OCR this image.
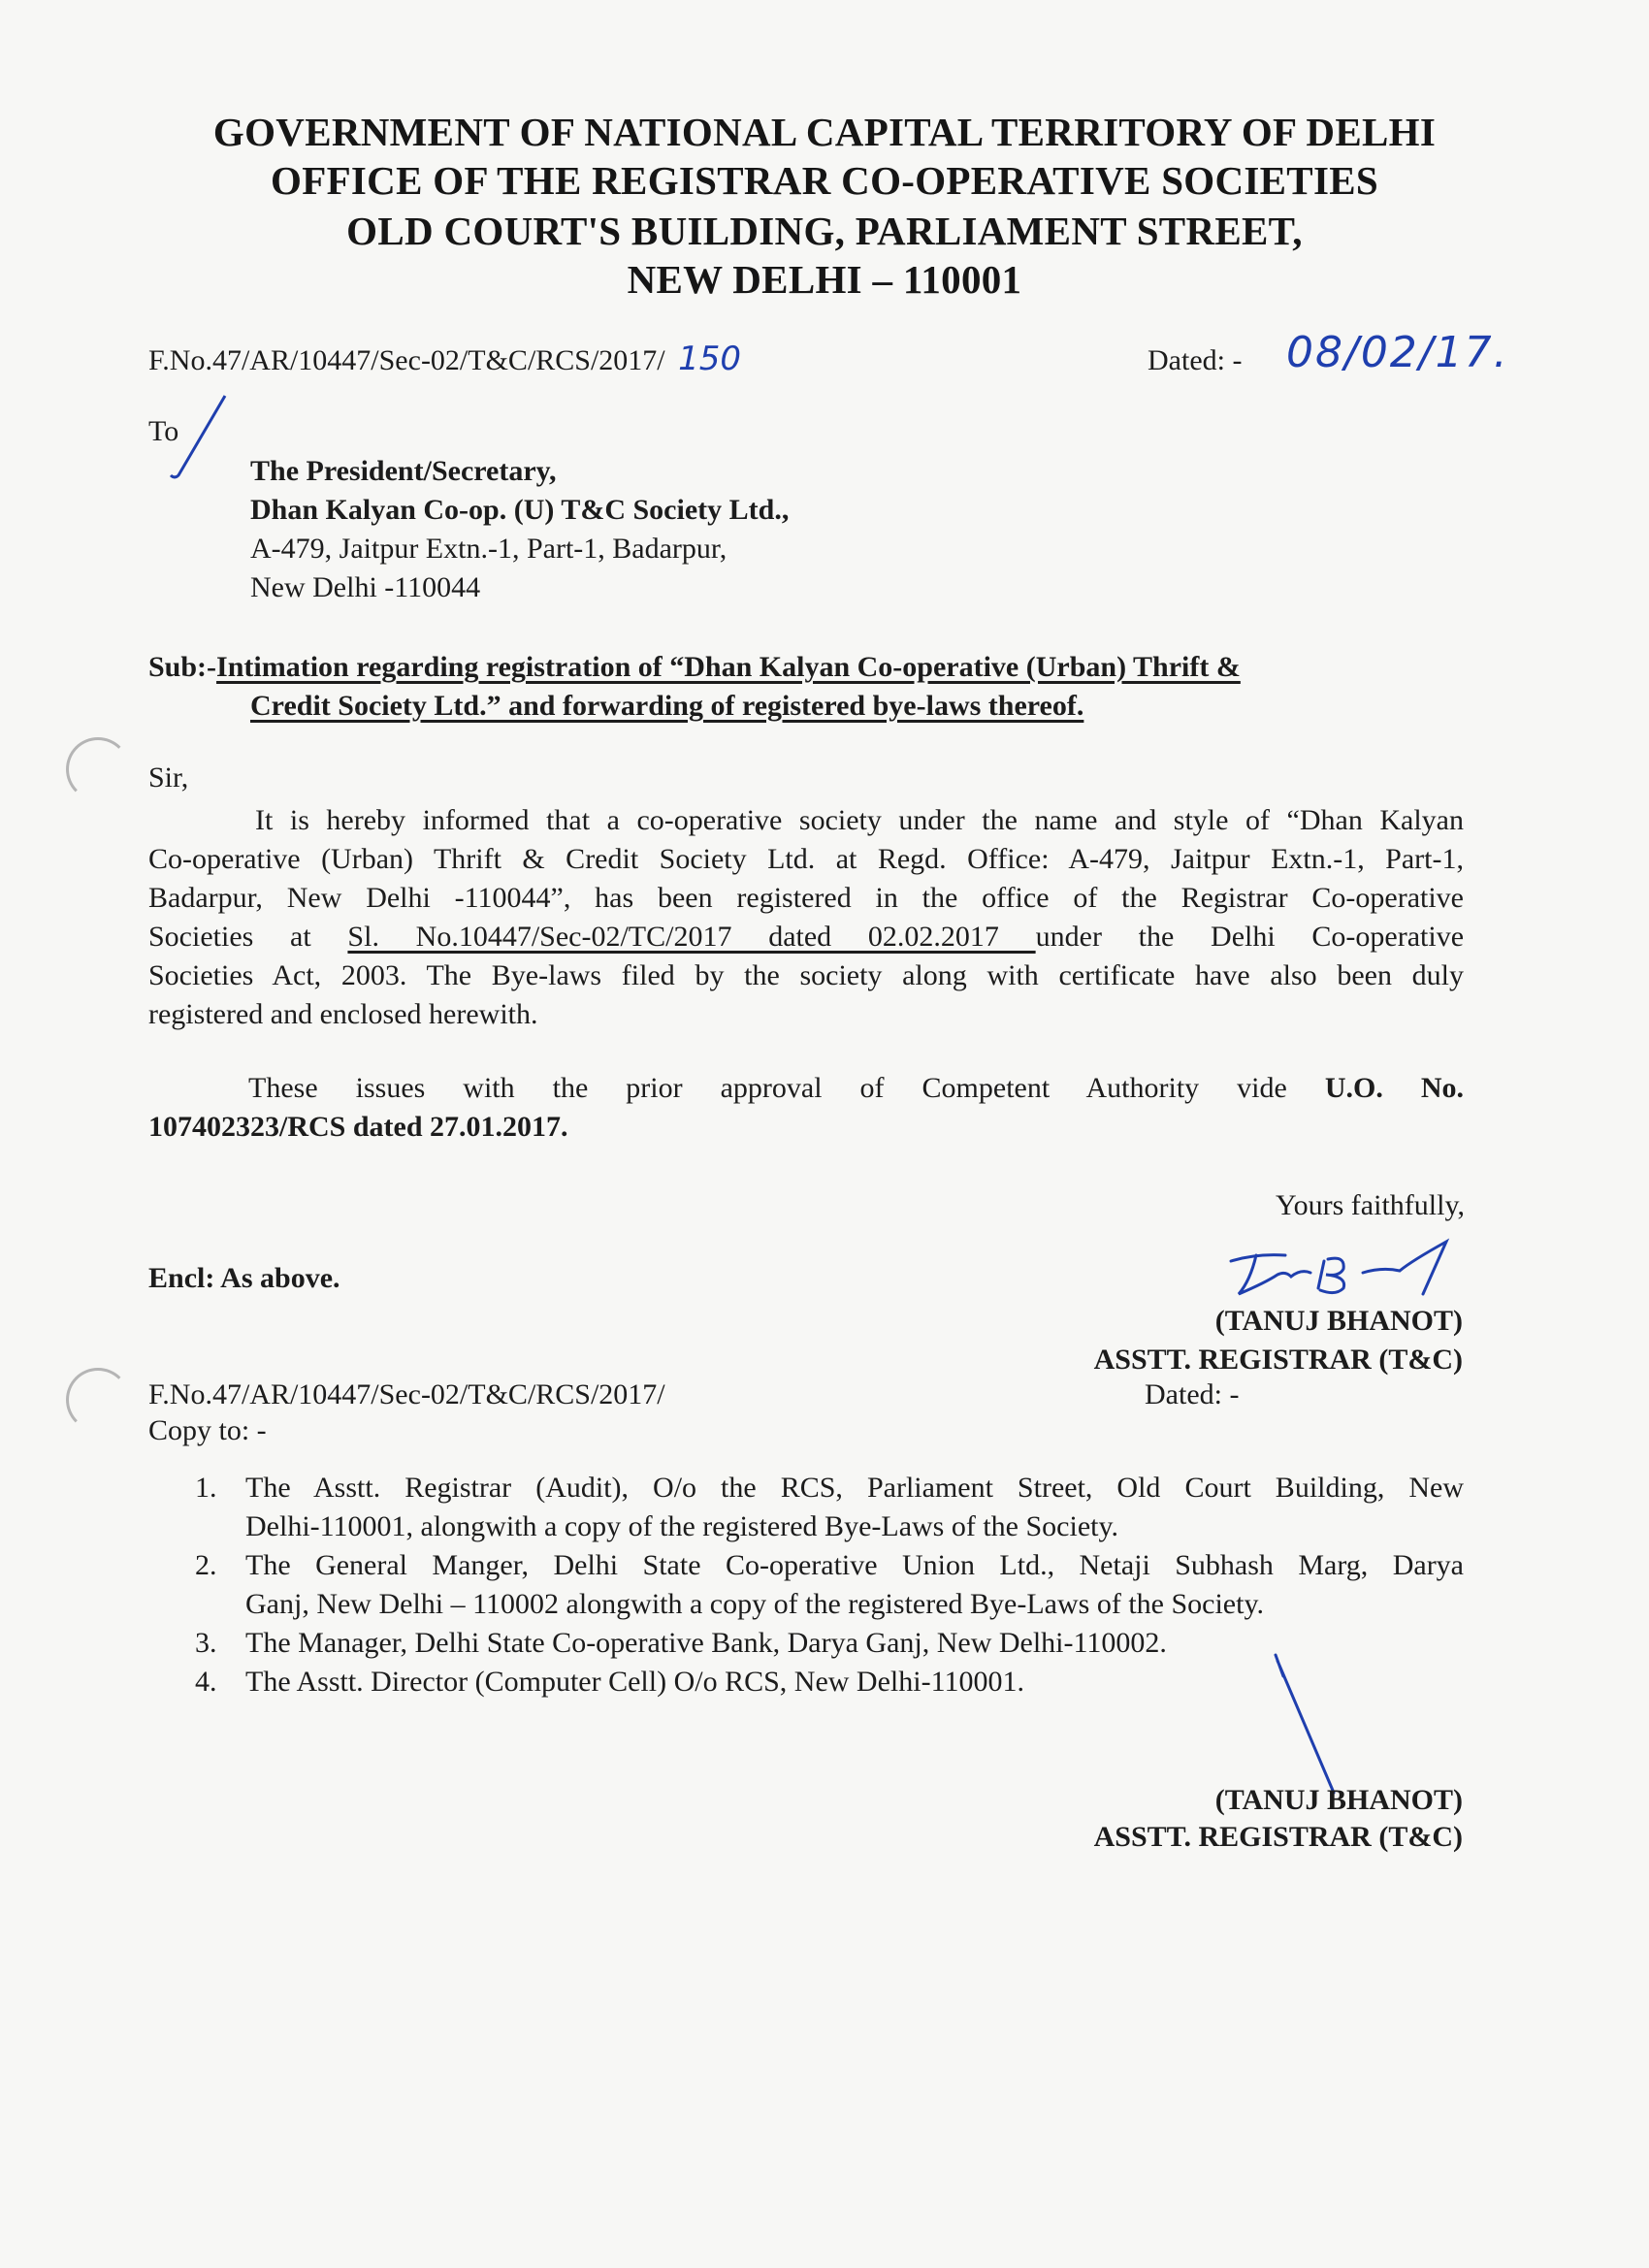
GOVERNMENT OF NATIONAL CAPITAL TERRITORY OF DELHI
OFFICE OF THE REGISTRAR CO-OPERATIVE SOCIETIES
OLD COURT'S BUILDING, PARLIAMENT STREET,
NEW DELHI – 110001
F.No.47/AR/10447/Sec-02/T&C/RCS/2017/ 150	Dated: - 08/02/17.
To
The President/Secretary,
Dhan Kalyan Co-op. (U) T&C Society Ltd.,
A-479, Jaitpur Extn.-1, Part-1, Badarpur,
New Delhi -110044
Sub:-Intimation regarding registration of “Dhan Kalyan Co-operative (Urban) Thrift &
Credit Society Ltd.” and forwarding of registered bye-laws thereof.
Sir,
It is hereby informed that a co-operative society under the name and style of “Dhan Kalyan
Co-operative (Urban) Thrift & Credit Society Ltd. at Regd. Office: A-479, Jaitpur Extn.-1, Part-1,
Badarpur, New Delhi -110044”, has been registered in the office of the Registrar Co-operative
Societies at Sl. No.10447/Sec-02/TC/2017 dated 02.02.2017 under the Delhi Co-operative
Societies Act, 2003. The Bye-laws filed by the society along with certificate have also been duly
registered and enclosed herewith.
These issues with the prior approval of Competent Authority vide U.O. No.
107402323/RCS dated 27.01.2017.
Yours faithfully,
Encl: As above.
(TANUJ BHANOT)
ASSTT. REGISTRAR (T&C)
F.No.47/AR/10447/Sec-02/T&C/RCS/2017/	Dated: -
Copy to: -
1. The Asstt. Registrar (Audit), O/o the RCS, Parliament Street, Old Court Building, New
Delhi-110001, alongwith a copy of the registered Bye-Laws of the Society.
2. The General Manger, Delhi State Co-operative Union Ltd., Netaji Subhash Marg, Darya
Ganj, New Delhi – 110002 alongwith a copy of the registered Bye-Laws of the Society.
3. The Manager, Delhi State Co-operative Bank, Darya Ganj, New Delhi-110002.
4. The Asstt. Director (Computer Cell) O/o RCS, New Delhi-110001.
(TANUJ BHANOT)
ASSTT. REGISTRAR (T&C)
